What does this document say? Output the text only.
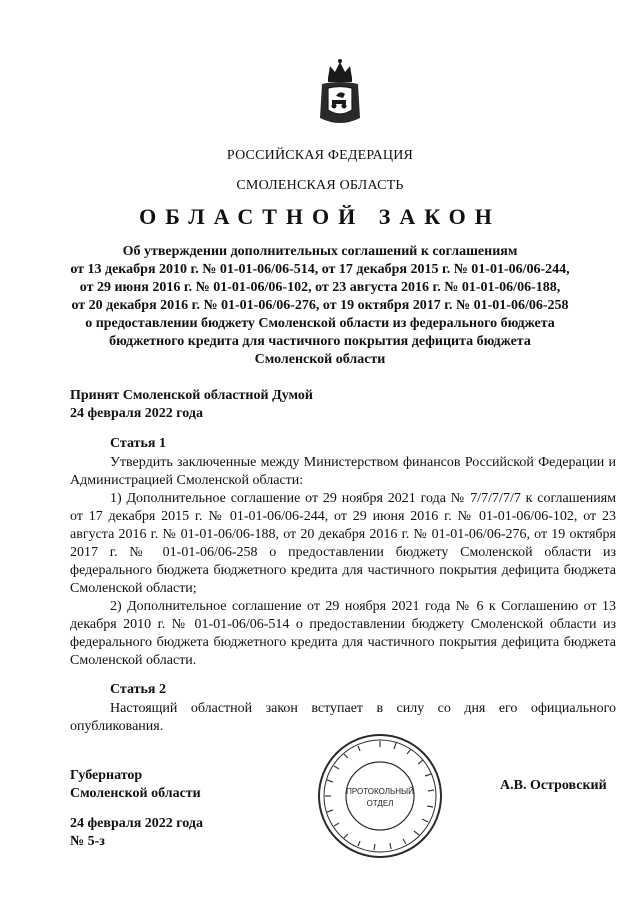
РОССИЙСКАЯ ФЕДЕРАЦИЯ
СМОЛЕНСКАЯ ОБЛАСТЬ
ОБЛАСТНОЙ ЗАКОН
Об утверждении дополнительных соглашений к соглашениям
от 13 декабря 2010 г. № 01-01-06/06-514, от 17 декабря 2015 г. № 01-01-06/06-244,
от 29 июня 2016 г. № 01-01-06/06-102, от 23 августа 2016 г. № 01-01-06/06-188,
от 20 декабря 2016 г. № 01-01-06/06-276, от 19 октября 2017 г. № 01-01-06/06-258
о предоставлении бюджету Смоленской области из федерального бюджета
бюджетного кредита для частичного покрытия дефицита бюджета
Смоленской области
Принят Смоленской областной Думой
24 февраля 2022 года
Статья 1

Утвердить заключенные между Министерством финансов Российской Федерации и Администрацией Смоленской области:

1) Дополнительное соглашение от 29 ноября 2021 года № 7/7/7/7/7 к соглашениям от 17 декабря 2015 г. № 01-01-06/06-244, от 29 июня 2016 г. № 01-01-06/06-102, от 23 августа 2016 г. № 01-01-06/06-188, от 20 декабря 2016 г. № 01-01-06/06-276, от 19 октября 2017 г. № 01-01-06/06-258 о предоставлении бюджету Смоленской области из федерального бюджета бюджетного кредита для частичного покрытия дефицита бюджета Смоленской области;

2) Дополнительное соглашение от 29 ноября 2021 года № 6 к Соглашению от 13 декабря 2010 г. № 01-01-06/06-514 о предоставлении бюджету Смоленской области из федерального бюджета бюджетного кредита для частичного покрытия дефицита бюджета Смоленской области.

Статья 2

Настоящий областной закон вступает в силу со дня его официального опубликования.

Губернатор
Смоленской области
А.В. Островский
ПРОТОКОЛЬНЫЙ
ОТДЕЛ
24 февраля 2022 года
№ 5-з
